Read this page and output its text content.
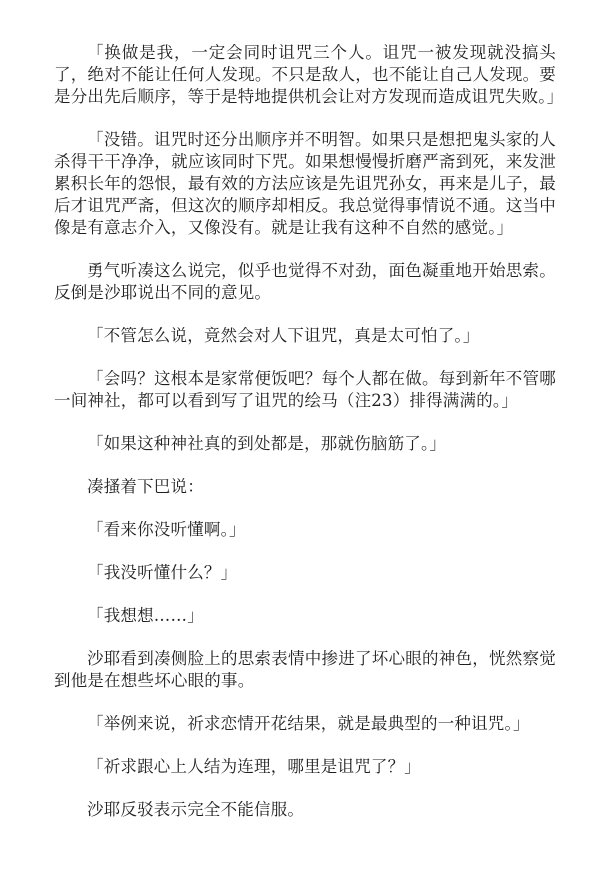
「换做是我，一定会同时诅咒三个人。诅咒一被发现就没搞头了，绝对不能让任何人发现。不只是敌人，也不能让自己人发现。要是分出先后顺序，等于是特地提供机会让对方发现而造成诅咒失败。」

「没错。诅咒时还分出顺序并不明智。如果只是想把鬼头家的人杀得干干净净，就应该同时下咒。如果想慢慢折磨严斋到死，来发泄累积长年的怨恨，最有效的方法应该是先诅咒孙女，再来是儿子，最后才诅咒严斋，但这次的顺序却相反。我总觉得事情说不通。这当中像是有意志介入，又像没有。就是让我有这种不自然的感觉。」

勇气听凑这么说完，似乎也觉得不对劲，面色凝重地开始思索。反倒是沙耶说出不同的意见。

「不管怎么说，竟然会对人下诅咒，真是太可怕了。」

「会吗？这根本是家常便饭吧？每个人都在做。每到新年不管哪一间神社，都可以看到写了诅咒的绘马（注23）排得满满的。」

「如果这种神社真的到处都是，那就伤脑筋了。」

凑搔着下巴说：

「看来你没听懂啊。」

「我没听懂什么？」

「我想想……」

沙耶看到凑侧脸上的思索表情中掺进了坏心眼的神色，恍然察觉到他是在想些坏心眼的事。

「举例来说，祈求恋情开花结果，就是最典型的一种诅咒。」

「祈求跟心上人结为连理，哪里是诅咒了？」

沙耶反驳表示完全不能信服。
